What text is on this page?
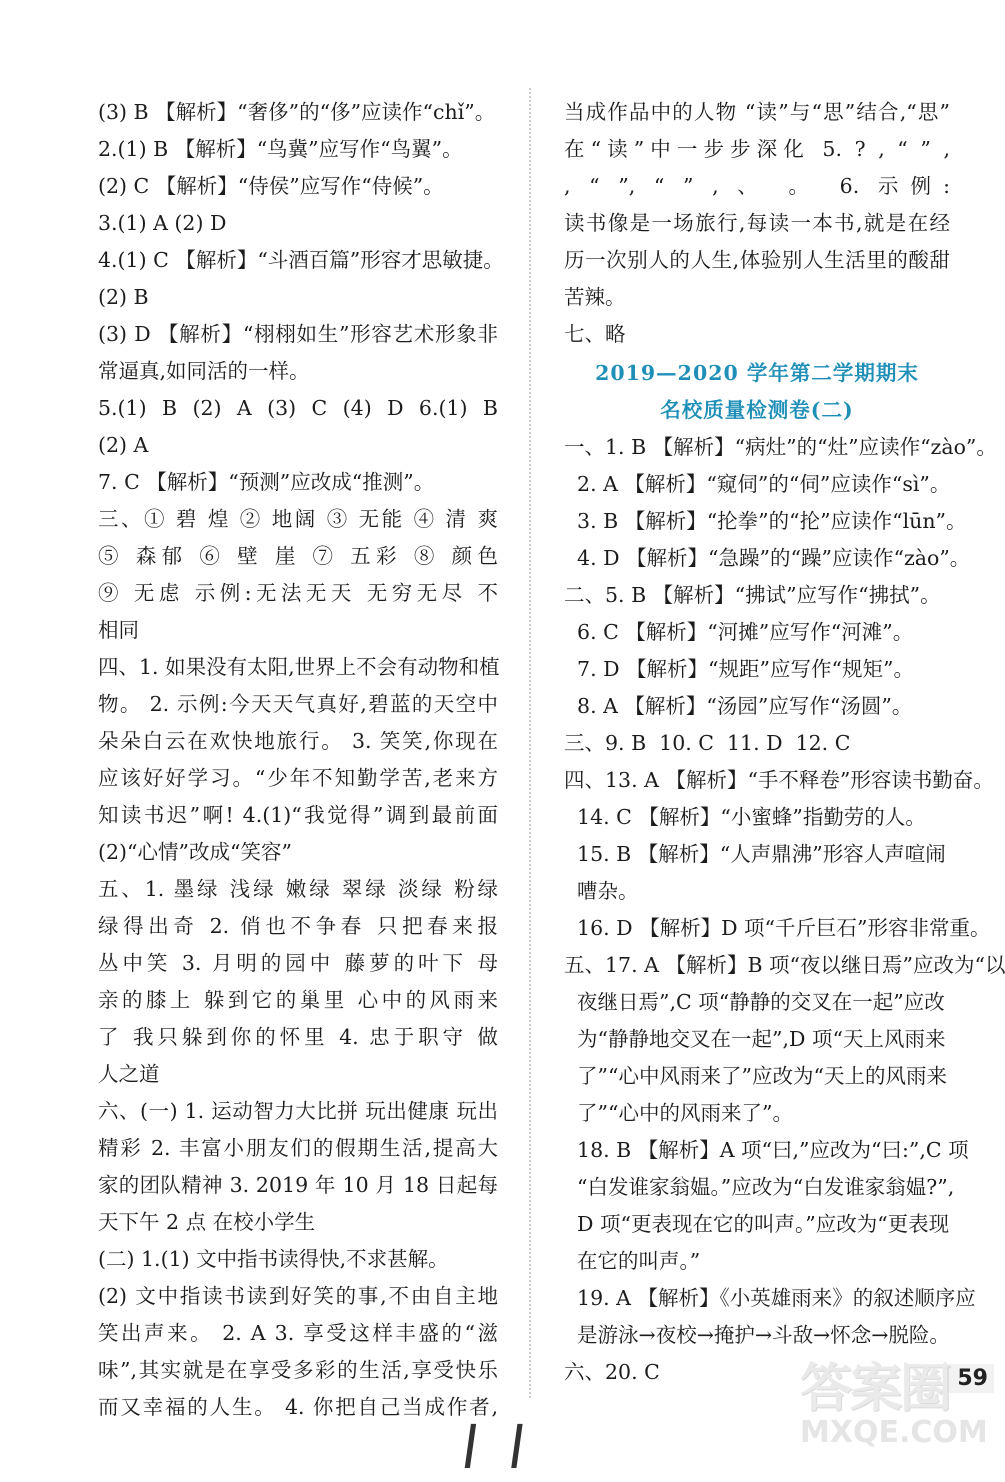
(3) B 【解析】“奢侈”的“侈”应读作“chǐ”。
2.(1) B 【解析】“鸟冀”应写作“鸟翼”。
(2) C 【解析】“侍侯”应写作“侍候”。
3.(1) A (2) D
4.(1) C 【解析】“斗酒百篇”形容才思敏捷。
(2) B
(3) D 【解析】“栩栩如生”形容艺术形象非
常逼真,如同活的一样。
5.(1) B (2) A (3) C (4) D 6.(1) B
(2) A
7. C 【解析】“预测”应改成“推测”。
三、① 碧 煌 ② 地阔 ③ 无能 ④ 清 爽
⑤ 森郁 ⑥ 壁 崖 ⑦ 五彩 ⑧ 颜色
⑨ 无虑 示例:无法无天 无穷无尽 不
相同
四、1. 如果没有太阳,世界上不会有动物和植
物。 2. 示例:今天天气真好,碧蓝的天空中
朵朵白云在欢快地旅行。 3. 笑笑,你现在
应该好好学习。“少年不知勤学苦,老来方
知读书迟”啊! 4.(1)“我觉得”调到最前面
(2)“心情”改成“笑容”
五、1. 墨绿 浅绿 嫩绿 翠绿 淡绿 粉绿
绿得出奇 2. 俏也不争春 只把春来报
丛中笑 3. 月明的园中 藤萝的叶下 母
亲的膝上 躲到它的巢里 心中的风雨来
了 我只躲到你的怀里 4. 忠于职守 做
人之道
六、(一) 1. 运动智力大比拼 玩出健康 玩出
精彩 2. 丰富小朋友们的假期生活,提高大
家的团队精神 3. 2019 年 10 月 18 日起每
天下午 2 点 在校小学生
(二) 1.(1) 文中指书读得快,不求甚解。
(2) 文中指读书读到好笑的事,不由自主地
笑出声来。 2. A 3. 享受这样丰盛的“滋
味”,其实就是在享受多彩的生活,享受快乐
而又幸福的人生。 4. 你把自己当成作者,
当成作品中的人物 “读”与“思”结合,“思”
在“读”中一步步深化 5. ? , “ ” ,
, “ ”, “ ” , 、 。 6. 示例:
读书像是一场旅行,每读一本书,就是在经
历一次别人的人生,体验别人生活里的酸甜
苦辣。
七、略
2019—2020 学年第二学期期末
名校质量检测卷(二)
一、1. B 【解析】“病灶”的“灶”应读作“zào”。
2. A 【解析】“窥伺”的“伺”应读作“sì”。
3. B 【解析】“抡拳”的“抡”应读作“lūn”。
4. D 【解析】“急躁”的“躁”应读作“zào”。
二、5. B 【解析】“拂试”应写作“拂拭”。
6. C 【解析】“河摊”应写作“河滩”。
7. D 【解析】“规距”应写作“规矩”。
8. A 【解析】“汤园”应写作“汤圆”。
三、9. B  10. C  11. D  12. C
四、13. A 【解析】“手不释卷”形容读书勤奋。
14. C 【解析】“小蜜蜂”指勤劳的人。
15. B 【解析】“人声鼎沸”形容人声喧闹
嘈杂。
16. D 【解析】D 项“千斤巨石”形容非常重。
五、17. A 【解析】B 项“夜以继日焉”应改为“以
夜继日焉”,C 项“静静的交叉在一起”应改
为“静静地交叉在一起”,D 项“天上风雨来
了”“心中风雨来了”应改为“天上的风雨来
了”“心中的风雨来了”。
18. B 【解析】A 项“曰,”应改为“曰:”,C 项
“白发谁家翁媪。”应改为“白发谁家翁媪?”,
D 项“更表现在它的叫声。”应改为“更表现
在它的叫声。”
19. A 【解析】《小英雄雨来》的叙述顺序应
是游泳→夜校→掩护→斗敌→怀念→脱险。
六、20. C	59
l l
答案圈
MXQE.COM
